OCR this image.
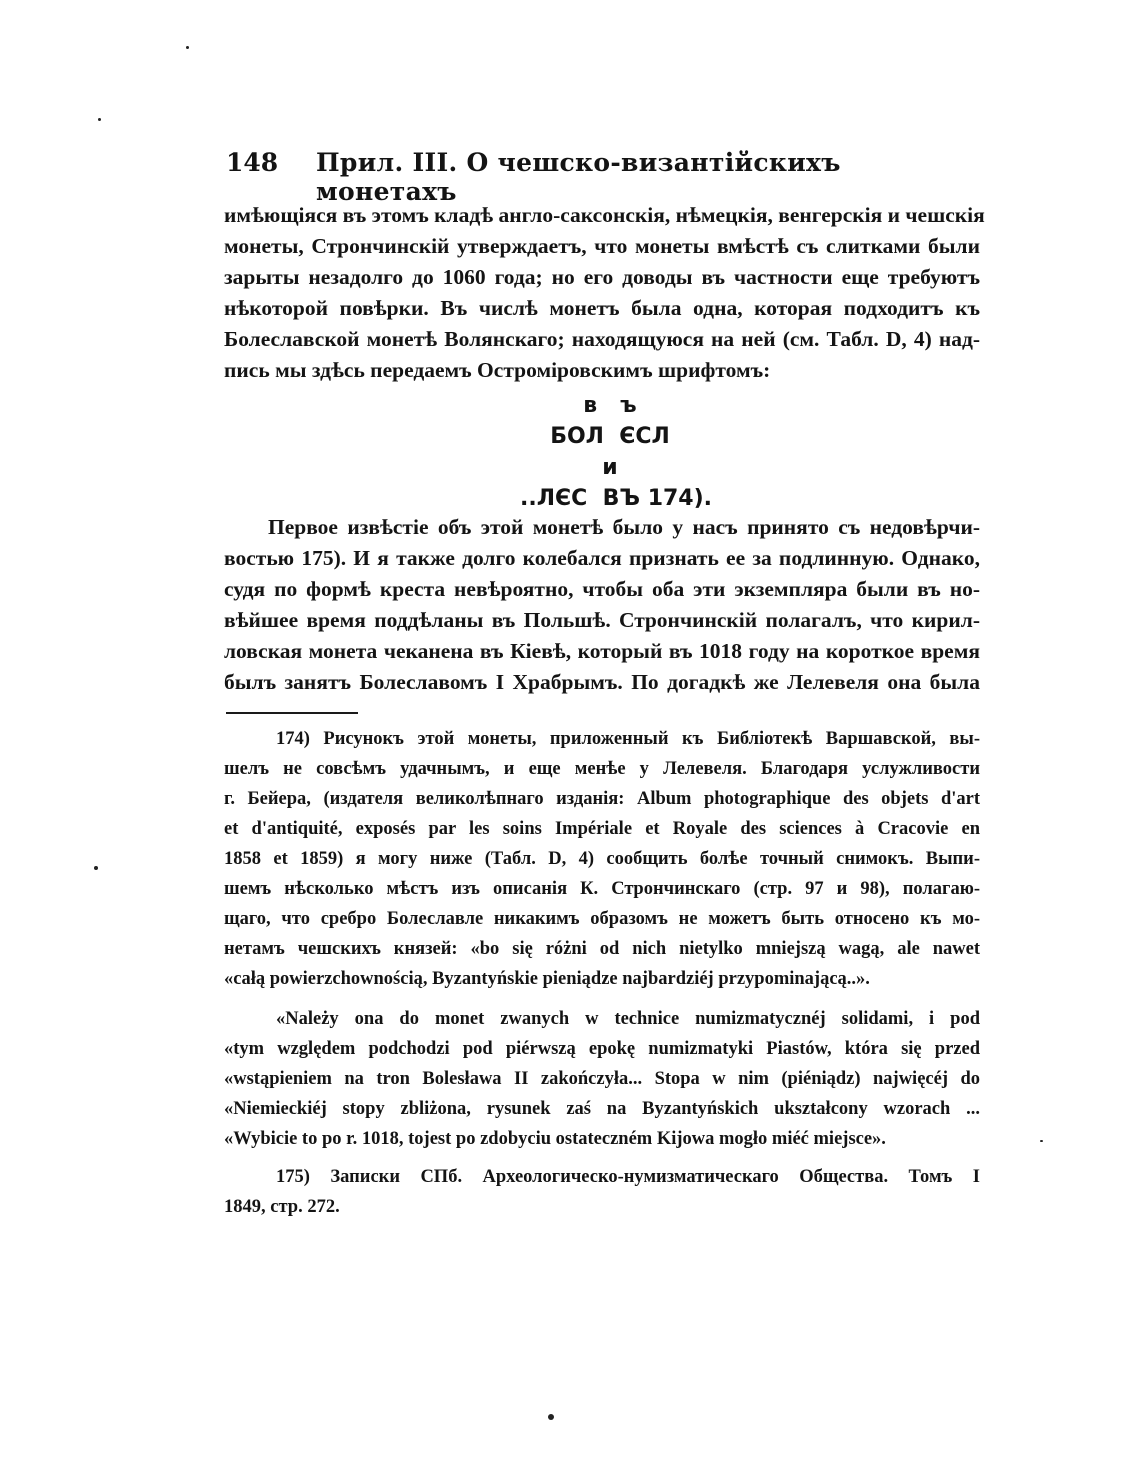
148 Прил. III. О чешско-византійскихъ монетахъ
имѣющіяся въ этомъ кладѣ англо-саксонскія, нѣмецкія, венгерскія и чешскія
монеты, Стpончинскій утверждаетъ, что монеты вмѣстѣ съ слитками были
зарыты незадолго до 1060 года; но его доводы въ частности еще требуютъ
нѣкоторой повѣрки. Въ числѣ монетъ была одна, которая подходитъ къ
Болеславской монетѣ Волянскаго; находящуюся на ней (см. Табл. D, 4) над-
пись мы здѣсь передаемъ Остроміровскимъ шрифтомъ:
в   ъ
БОЛ  ЄСЛ
и
..ЛЄС  ВЪ 174).
Первое извѣстіе объ этой монетѣ было у насъ принято съ недовѣрчи-
востью 175). И я также долго колебался признать ее за подлинную. Однако,
судя по формѣ креста невѣроятно, чтобы оба эти экземпляра были въ но-
вѣйшее время поддѣланы въ Польшѣ. Стpончинскій полагалъ, что кирил-
ловская монета чеканена въ Кіевѣ, который въ 1018 году на короткое время
былъ занятъ Болеславомъ I Храбрымъ. По догадкѣ же Лелевеля она была
174) Рисунокъ этой монеты, приложенный къ Библіотекѣ Варшавской, вы-
шелъ не совсѣмъ удачнымъ, и еще менѣе у Лелевеля. Благодаря услужливости
г. Бейера, (издателя великолѣпнаго изданія: Album photographique des objets d'art
et d'antiquité, exposés par les soins Impériale et Royale des sciences à Cracovie en
1858 et 1859) я могу ниже (Табл. D, 4) сообщить болѣе точный снимокъ. Выпи-
шемъ нѣсколько мѣстъ изъ описанія К. Стpончинскаго (стр. 97 и 98), полагаю-
щаго, что сребро Болеславле никакимъ образомъ не можетъ быть относено къ мо-
нетамъ чешскихъ князей: «bo się różni od nich nietylko mniejszą wagą, ale nawet
«całą powierzchownością, Byzantyńskie pieniądze najbardziéj przypominającą..».
«Należy ona do monet zwanych w technice numizmatycznéj solidami, i pod
«tym względem podchodzi pod piérwszą epokę numizmatyki Piastów, która się przed
«wstąpieniem na tron Bolesława II zakończyła... Stopa w nim (piéniądz) najwięcéj do
«Niemieckiéj stopy zbliżona, rysunek zaś na Byzantyńskich ukształcony wzorach ...
«Wybicie to po r. 1018, tojest po zdobyciu ostateczném Kijowa mogło miéć miejsce».
175) Записки СПб. Археологическо-нумизматическаго Общества. Томъ I
1849, стр. 272.
